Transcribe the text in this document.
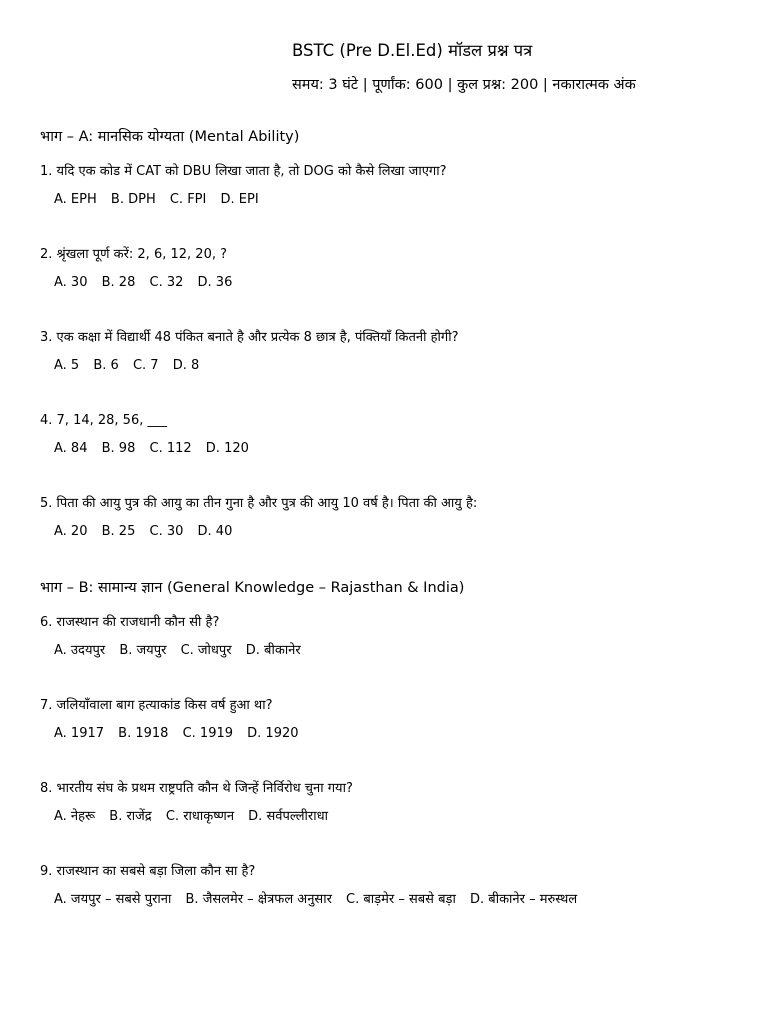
BSTC (Pre D.El.Ed) मॉडल प्रश्न पत्र
समय: 3 घंटे | पूर्णांक: 600 | कुल प्रश्न: 200 | नकारात्मक अंक
भाग – A: मानसिक योग्यता (Mental Ability)
1. यदि एक कोड में CAT को DBU लिखा जाता है, तो DOG को कैसे लिखा जाएगा?
A. EPH B. DPH C. FPI D. EPI
2. श्रृंखला पूर्ण करें: 2, 6, 12, 20, ?
A. 30 B. 28 C. 32 D. 36
3. एक कक्षा में विद्यार्थी 48 पंकित बनाते है और प्रत्येक 8 छात्र है, पंक्तियाँ कितनी होगी?
A. 5 B. 6 C. 7 D. 8
4. 7, 14, 28, 56, ___
A. 84 B. 98 C. 112 D. 120
5. पिता की आयु पुत्र की आयु का तीन गुना है और पुत्र की आयु 10 वर्ष है। पिता की आयु है:
A. 20 B. 25 C. 30 D. 40
भाग – B: सामान्य ज्ञान (General Knowledge – Rajasthan & India)
6. राजस्थान की राजधानी कौन सी है?
A. उदयपुर B. जयपुर C. जोधपुर D. बीकानेर
7. जलियाँवाला बाग हत्याकांड किस वर्ष हुआ था?
A. 1917 B. 1918 C. 1919 D. 1920
8. भारतीय संघ के प्रथम राष्ट्रपति कौन थे जिन्हें निर्विरोध चुना गया?
A. नेहरू B. राजेंद्र C. राधाकृष्णन D. सर्वपल्लीराधा
9. राजस्थान का सबसे बड़ा जिला कौन सा है?
A. जयपुर – सबसे पुराना B. जैसलमेर – क्षेत्रफल अनुसार C. बाड़मेर – सबसे बड़ा D. बीकानेर – मरुस्थल
